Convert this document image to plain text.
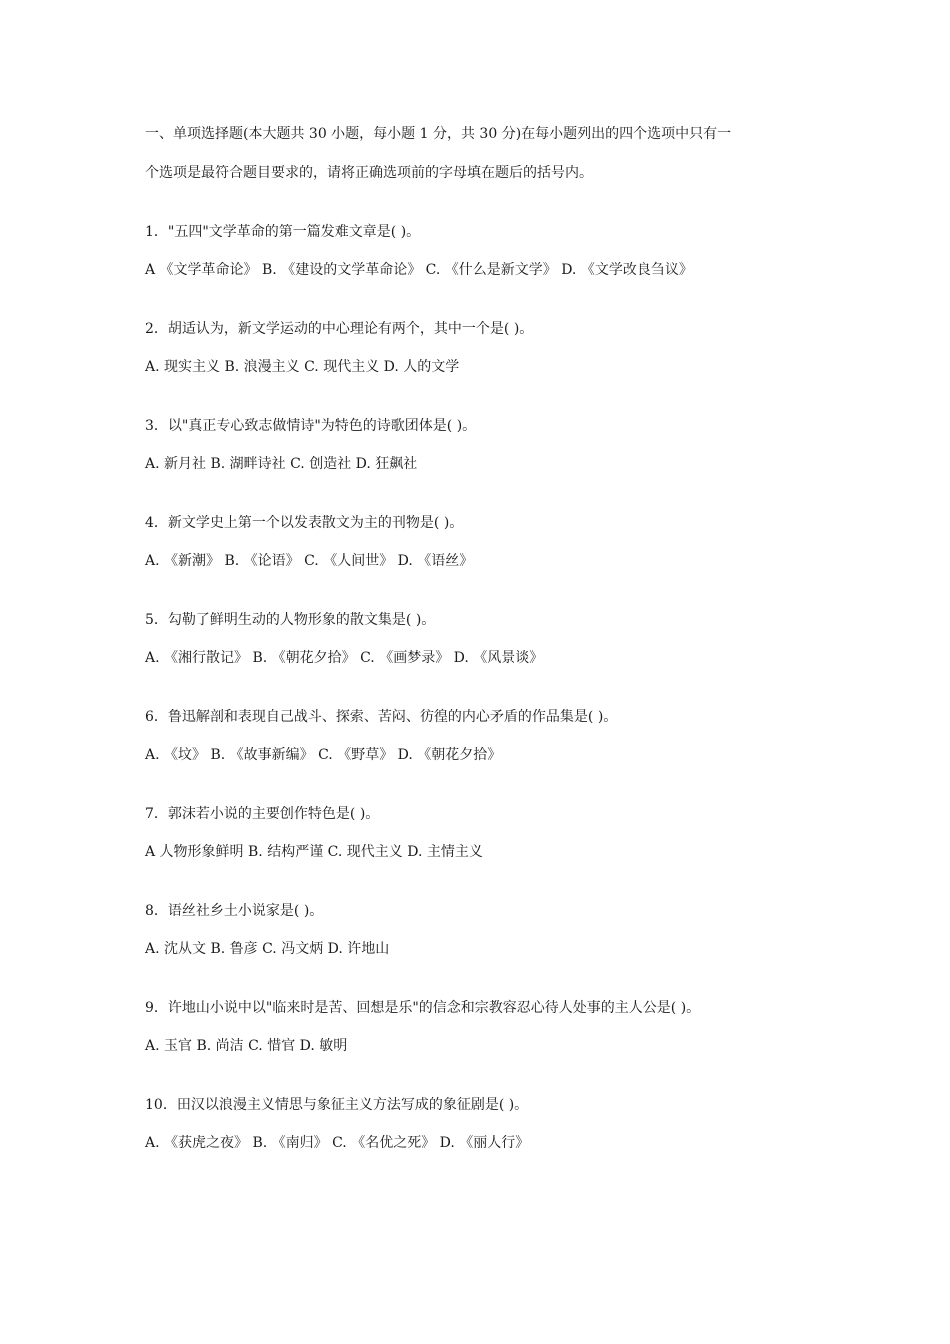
一、单项选择题(本大题共 30 小题，每小题 1 分，共 30 分)在每小题列出的四个选项中只有一
个选项是最符合题目要求的，请将正确选项前的字母填在题后的括号内。
1．"五四"文学革命的第一篇发难文章是( )。
A 《文学革命论》 B. 《建设的文学革命论》 C. 《什么是新文学》 D. 《文学改良刍议》
2．胡适认为，新文学运动的中心理论有两个，其中一个是( )。
A. 现实主义 B. 浪漫主义 C. 现代主义 D. 人的文学
3．以"真正专心致志做情诗"为特色的诗歌团体是( )。
A. 新月社 B. 湖畔诗社 C. 创造社 D. 狂飙社
4．新文学史上第一个以发表散文为主的刊物是( )。
A. 《新潮》 B. 《论语》 C. 《人间世》 D. 《语丝》
5．勾勒了鲜明生动的人物形象的散文集是( )。
A. 《湘行散记》 B. 《朝花夕拾》 C. 《画梦录》 D. 《风景谈》
6．鲁迅解剖和表现自己战斗、探索、苦闷、彷徨的内心矛盾的作品集是( )。
A. 《坟》 B. 《故事新编》 C. 《野草》 D. 《朝花夕拾》
7．郭沫若小说的主要创作特色是( )。
A 人物形象鲜明 B. 结构严谨 C. 现代主义 D. 主情主义
8．语丝社乡土小说家是( )。
A. 沈从文 B. 鲁彦 C. 冯文炳 D. 许地山
9．许地山小说中以"临来时是苦、回想是乐"的信念和宗教容忍心待人处事的主人公是( )。
A. 玉官 B. 尚洁 C. 惜官 D. 敏明
10．田汉以浪漫主义情思与象征主义方法写成的象征剧是( )。
A. 《获虎之夜》 B. 《南归》 C. 《名优之死》 D. 《丽人行》
